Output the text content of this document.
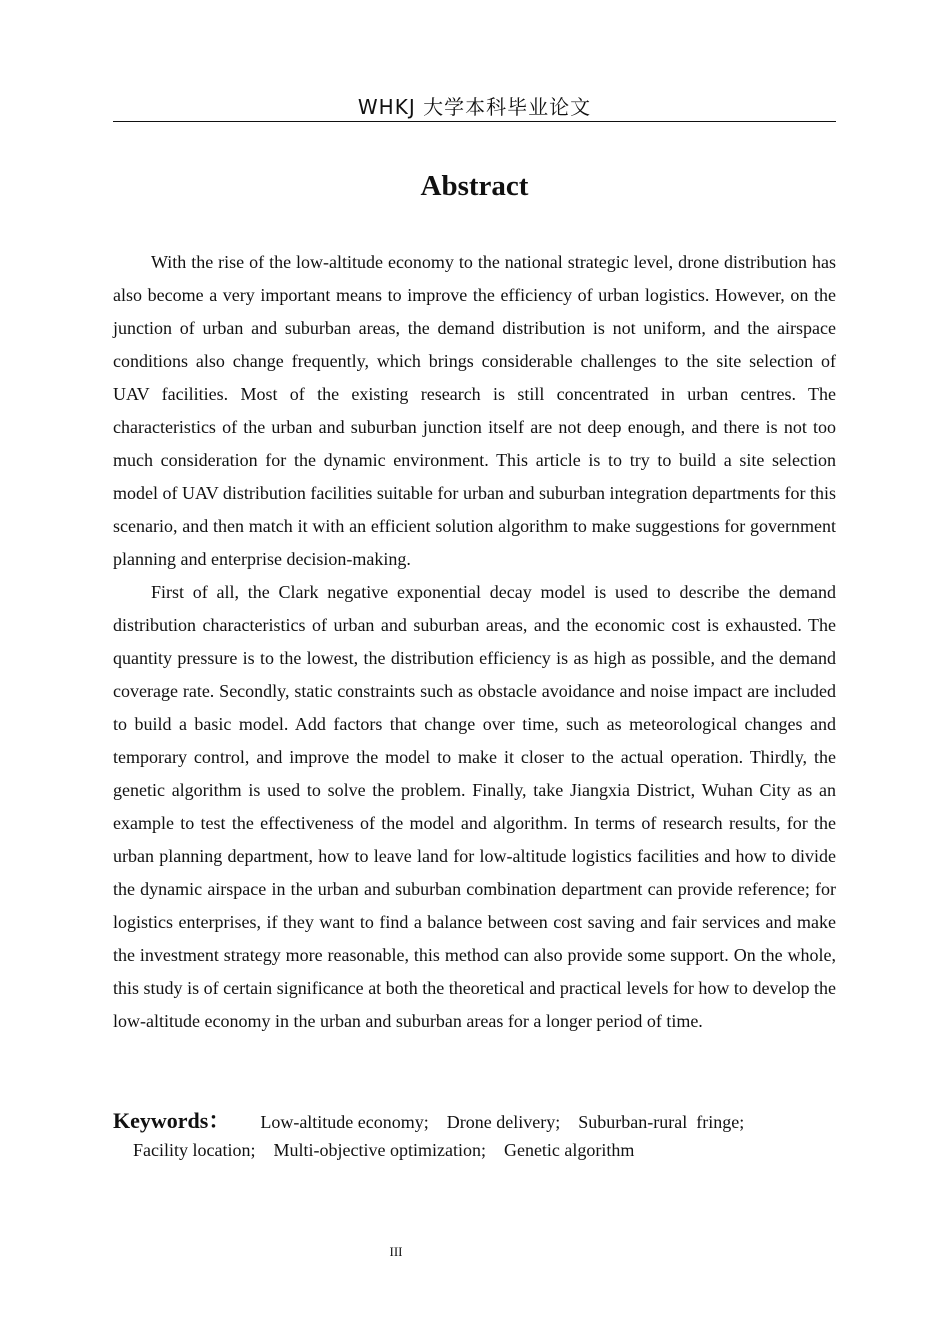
WHKJ 大学本科毕业论文
Abstract

With the rise of the low-altitude economy to the national strategic level, drone distribution has also become a very important means to improve the efficiency of urban logistics. However, on the junction of urban and suburban areas, the demand distribution is not uniform, and the airspace conditions also change frequently, which brings considerable challenges to the site selection of UAV facilities. Most of the existing research is still concentrated in urban centres. The characteristics of the urban and suburban junction itself are not deep enough, and there is not too much consideration for the dynamic environment. This article is to try to build a site selection model of UAV distribution facilities suitable for urban and suburban integration departments for this scenario, and then match it with an efficient solution algorithm to make suggestions for government planning and enterprise decision-making.

First of all, the Clark negative exponential decay model is used to describe the demand distribution characteristics of urban and suburban areas, and the economic cost is exhausted. The quantity pressure is to the lowest, the distribution efficiency is as high as possible, and the demand coverage rate. Secondly, static constraints such as obstacle avoidance and noise impact are included to build a basic model. Add factors that change over time, such as meteorological changes and temporary control, and improve the model to make it closer to the actual operation. Thirdly, the genetic algorithm is used to solve the problem. Finally, take Jiangxia District, Wuhan City as an example to test the effectiveness of the model and algorithm. In terms of research results, for the urban planning department, how to leave land for low-altitude logistics facilities and how to divide the dynamic airspace in the urban and suburban combination department can provide reference; for logistics enterprises, if they want to find a balance between cost saving and fair services and make the investment strategy more reasonable, this method can also provide some support. On the whole, this study is of certain significance at both the theoretical and practical levels for how to develop the low-altitude economy in the urban and suburban areas for a longer period of time.

Keywords： Low-altitude economy; Drone delivery; Suburban-rural  fringe;
Facility location; Multi-objective optimization; Genetic algorithm
III
